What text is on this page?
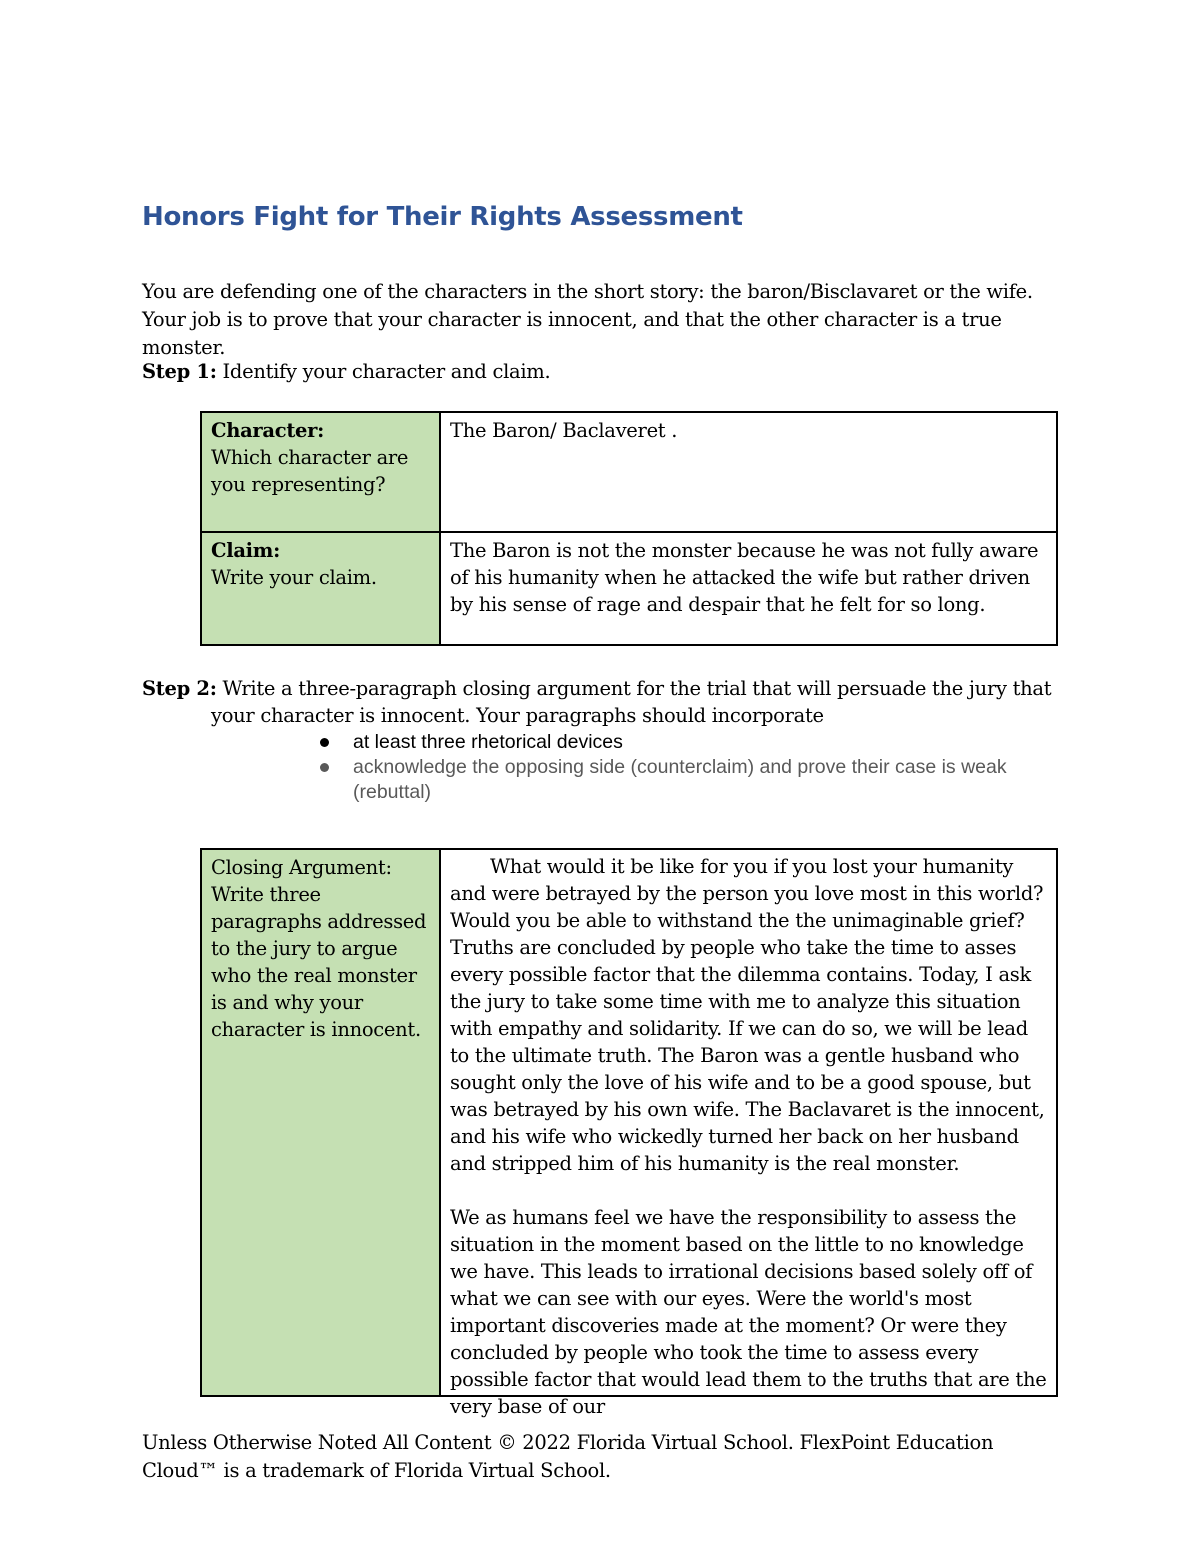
Honors Fight for Their Rights Assessment

You are defending one of the characters in the short story: the baron/Bisclavaret or the wife. Your job is to prove that your character is innocent, and that the other character is a true monster.

Step 1: Identify your character and claim.

Character:
Which character are you representing?	The Baron/ Baclaveret .
Claim:
Write your claim.	The Baron is not the monster because he was not fully aware of his humanity when he attacked the wife but rather driven by his sense of rage and despair that he felt for so long.

Step 2: Write a three-paragraph closing argument for the trial that will persuade the jury that
your character is innocent. Your paragraphs should incorporate

at least three rhetorical devices
acknowledge the opposing side (counterclaim) and prove their case is weak (rebuttal)
Closing Argument: Write three paragraphs addressed to the jury to argue who the real monster is and why your character is innocent.	

What would it be like for you if you lost your humanity and were betrayed by the person you love most in this world? Would you be able to withstand the the unimaginable grief? Truths are concluded by people who take the time to asses every possible factor that the dilemma contains. Today, I ask the jury to take some time with me to analyze this situation with empathy and solidarity. If we can do so, we will be lead to the ultimate truth. The Baron was a gentle husband who sought only the love of his wife and to be a good spouse, but was betrayed by his own wife. The Baclavaret is the innocent, and his wife who wickedly turned her back on her husband and stripped him of his humanity is the real monster.

We as humans feel we have the responsibility to assess the situation in the moment based on the little to no knowledge we have. This leads to irrational decisions based solely off of what we can see with our eyes. Were the world's most important discoveries made at the moment? Or were they concluded by people who took the time to assess every possible factor that would lead them to the truths that are the very base of our

Unless Otherwise Noted All Content © 2022 Florida Virtual School. FlexPoint Education Cloud™ is a trademark of Florida Virtual School.
